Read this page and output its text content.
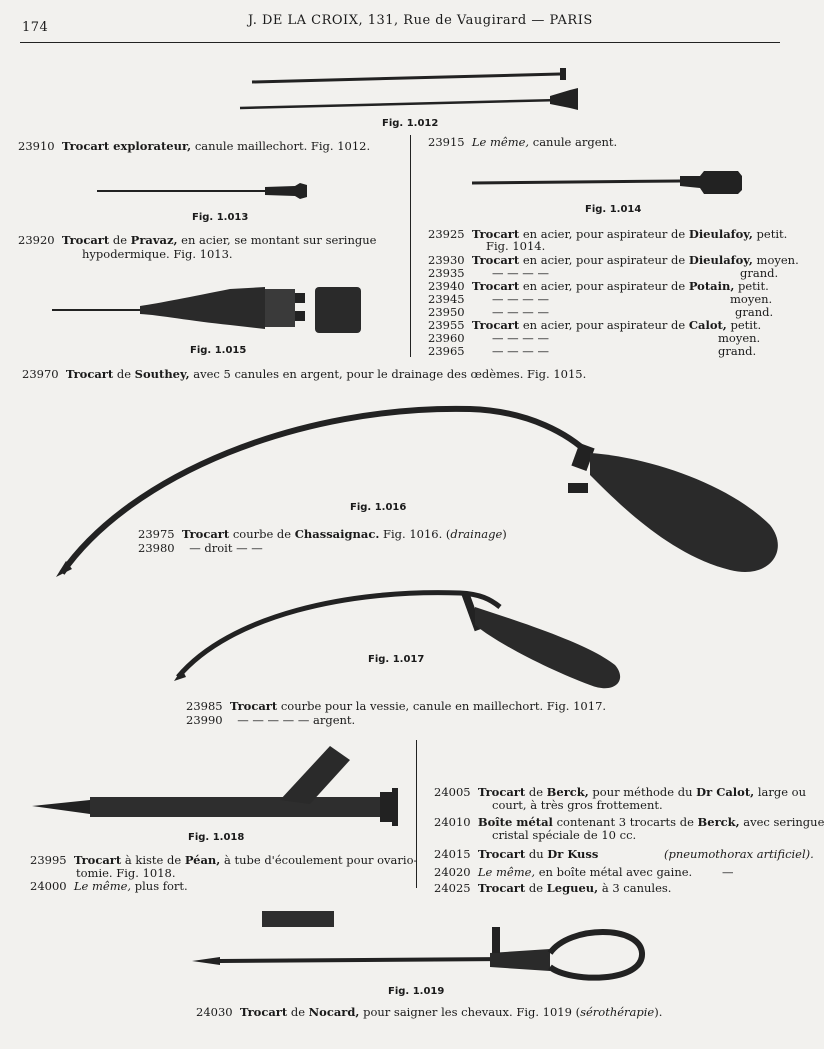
174	J. DE LA CROIX, 131, Rue de Vaugirard — PARIS
Fig. 1.012
23910 Trocart explorateur, canule maillechort. Fig. 1012.	23915 Le même, canule argent.
Fig. 1.013
Fig. 1.014
23920 Trocart de Pravaz, en acier, se montant sur seringue
hypodermique. Fig. 1013.
23925 Trocart en acier, pour aspirateur de Dieulafoy, petit.
Fig. 1014.
23930 Trocart en acier, pour aspirateur de Dieulafoy, moyen.
23935 — — — —	grand.
23940 Trocart en acier, pour aspirateur de Potain, petit.
23945 — — — —	moyen.
23950 — — — —	grand.
23955 Trocart en acier, pour aspirateur de Calot, petit.
23960 — — — —	moyen.
23965 — — — —	grand.
Fig. 1.015
23970 Trocart de Southey, avec 5 canules en argent, pour le drainage des œdèmes. Fig. 1015.
Fig. 1.016
23975 Trocart courbe de Chassaignac. Fig. 1016. (drainage)
23980 — droit — —
Fig. 1.017
23985 Trocart courbe pour la vessie, canule en maillechort. Fig. 1017.
23990 — — — — — argent.
Fig. 1.018
23995 Trocart à kiste de Péan, à tube d'écoulement pour ovario-
tomie. Fig. 1018.
24000 Le même, plus fort.
24005 Trocart de Berck, pour méthode du Dr Calot, large ou
court, à très gros frottement.
24010 Boîte métal contenant 3 trocarts de Berck, avec seringue
cristal spéciale de 10 cc.
24015 Trocart du Dr Kuss	(pneumothorax artificiel).
24020 Le même, en boîte métal avec gaine.	—
24025 Trocart de Legueu, à 3 canules.
Fig. 1.019
24030 Trocart de Nocard, pour saigner les chevaux. Fig. 1019 (sérothérapie).
